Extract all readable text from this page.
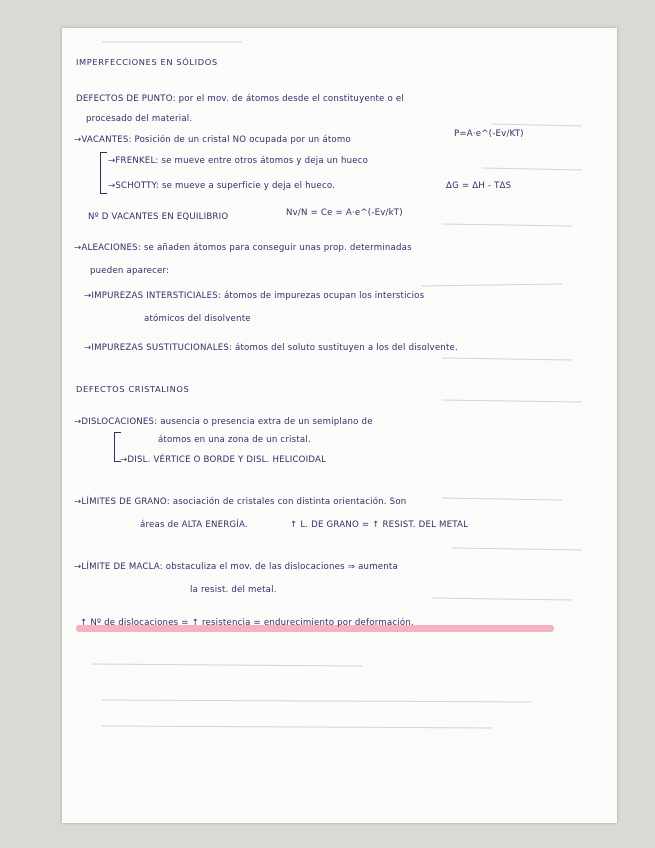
IMPERFECCIONES EN SÓLIDOS
DEFECTOS DE PUNTO: por el mov. de átomos desde el constituyente o el
procesado del material.
→VACANTES: Posición de un cristal NO ocupada por un átomo
P=A·e^(-Ev/KT)
→FRENKEL: se mueve entre otros átomos y deja un hueco
→SCHOTTY: se mueve a superficie y deja el hueco.	ΔG = ΔH - TΔS
Nº D VACANTES EN EQUILIBRIO	Nv/N = Ce = A·e^(-Ev/kT)
→ALEACIONES: se añaden átomos para conseguir unas prop. determinadas
pueden aparecer:
→IMPUREZAS INTERSTICIALES: átomos de impurezas ocupan los intersticios
atómicos del disolvente
→IMPUREZAS SUSTITUCIONALES: átomos del soluto sustituyen a los del disolvente.
DEFECTOS CRISTALINOS
→DISLOCACIONES: ausencia o presencia extra de un semiplano de
átomos en una zona de un cristal.
→DISL. VÉRTICE O BORDE Y DISL. HELICOIDAL
→LÍMITES DE GRANO: asociación de cristales con distinta orientación. Son
áreas de ALTA ENERGÍA.	↑ L. DE GRANO = ↑ RESIST. DEL METAL
→LÍMITE DE MACLA: obstaculiza el mov. de las dislocaciones ⇒ aumenta
la resist. del metal.
↑ Nº de dislocaciones = ↑ resistencia = endurecimiento por deformación.
